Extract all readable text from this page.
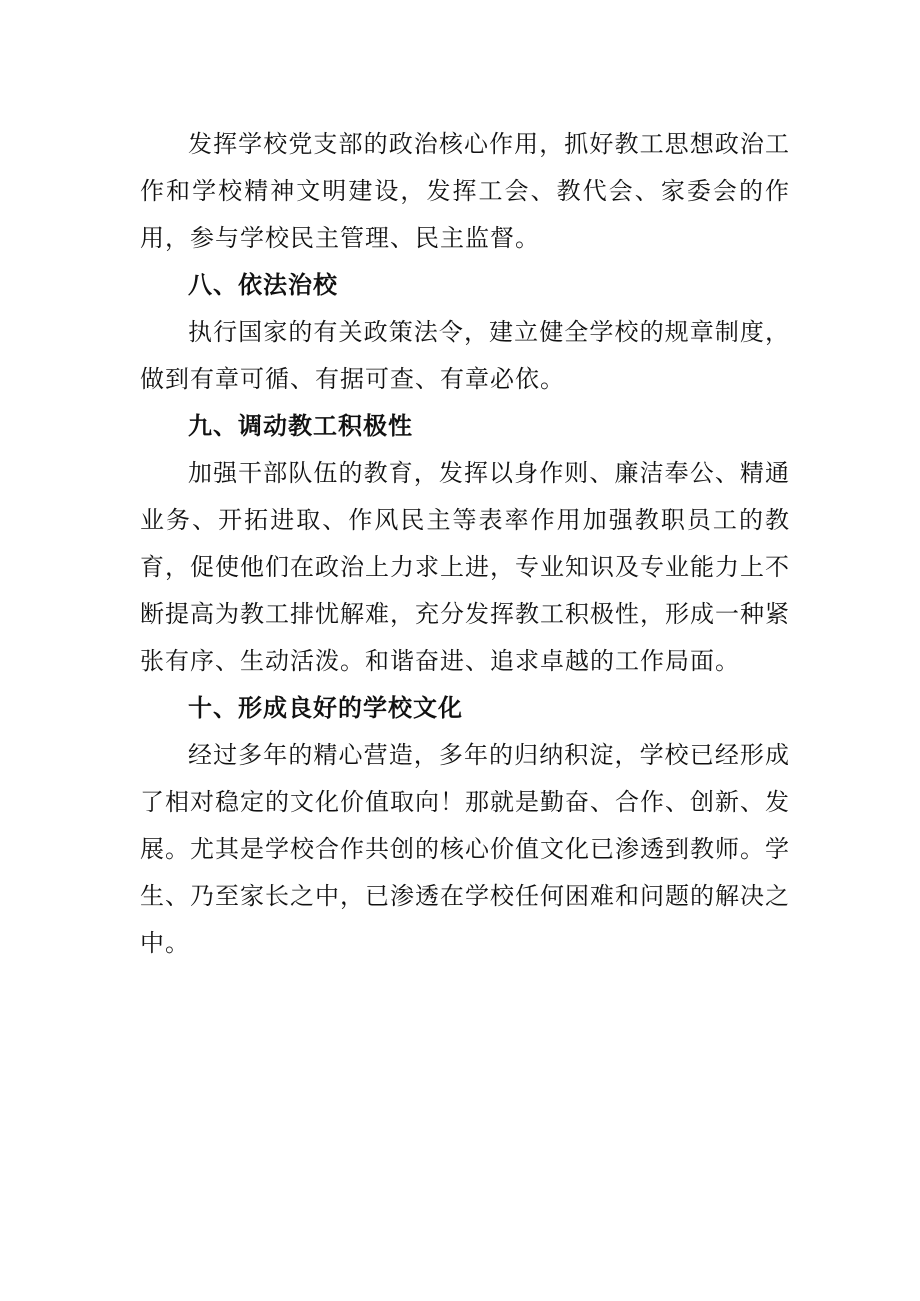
发挥学校党支部的政治核心作用，抓好教工思想政治工作和学校精神文明建设，发挥工会、教代会、家委会的作用，参与学校民主管理、民主监督。

八、依法治校

执行国家的有关政策法令，建立健全学校的规章制度，做到有章可循、有据可查、有章必依。

九、调动教工积极性

加强干部队伍的教育，发挥以身作则、廉洁奉公、精通业务、开拓进取、作风民主等表率作用加强教职员工的教育，促使他们在政治上力求上进，专业知识及专业能力上不断提高为教工排忧解难，充分发挥教工积极性，形成一种紧张有序、生动活泼。和谐奋进、追求卓越的工作局面。

十、形成良好的学校文化

经过多年的精心营造，多年的归纳积淀，学校已经形成了相对稳定的文化价值取向！那就是勤奋、合作、创新、发展。尤其是学校合作共创的核心价值文化已渗透到教师。学生、乃至家长之中，已渗透在学校任何困难和问题的解决之中。
